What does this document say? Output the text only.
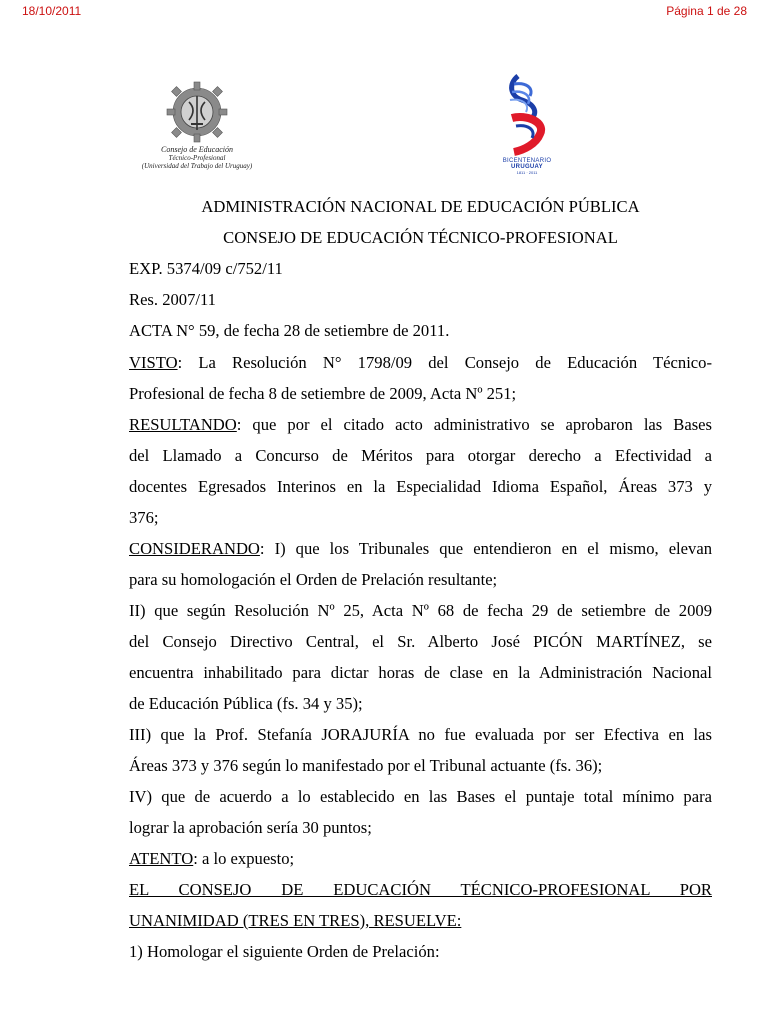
18/10/2011	Página 1 de 28
Consejo de Educación
Técnico-Profesional
(Universidad del Trabajo del Uruguay)
BICENTENARIO
URUGUAY
1811 · 2011
ADMINISTRACIÓN NACIONAL DE EDUCACIÓN PÚBLICA
CONSEJO DE EDUCACIÓN TÉCNICO-PROFESIONAL
EXP. 5374/09 c/752/11
Res. 2007/11
ACTA N° 59, de fecha 28 de setiembre de 2011.
VISTO: La Resolución N° 1798/09 del Consejo de Educación Técnico-
Profesional de fecha 8 de setiembre de 2009, Acta Nº 251;
RESULTANDO: que por el citado acto administrativo se aprobaron las Bases
del Llamado a Concurso de Méritos para otorgar derecho a Efectividad a
docentes Egresados Interinos en la Especialidad Idioma Español, Áreas 373 y
376;
CONSIDERANDO: I) que los Tribunales que entendieron en el mismo, elevan
para su homologación el Orden de Prelación resultante;
II) que según Resolución Nº 25, Acta Nº 68 de fecha 29 de setiembre de 2009
del Consejo Directivo Central, el Sr. Alberto José PICÓN MARTÍNEZ, se
encuentra inhabilitado para dictar horas de clase en la Administración Nacional
de Educación Pública (fs. 34 y 35);
III) que la Prof. Stefanía JORAJURÍA no fue evaluada por ser Efectiva en las
Áreas 373 y 376 según lo manifestado por el Tribunal actuante (fs. 36);
IV) que de acuerdo a lo establecido en las Bases el puntaje total mínimo para
lograr la aprobación sería 30 puntos;
ATENTO: a lo expuesto;
EL CONSEJO DE EDUCACIÓN TÉCNICO-PROFESIONAL POR
UNANIMIDAD (TRES EN TRES), RESUELVE:
1) Homologar el siguiente Orden de Prelación:
